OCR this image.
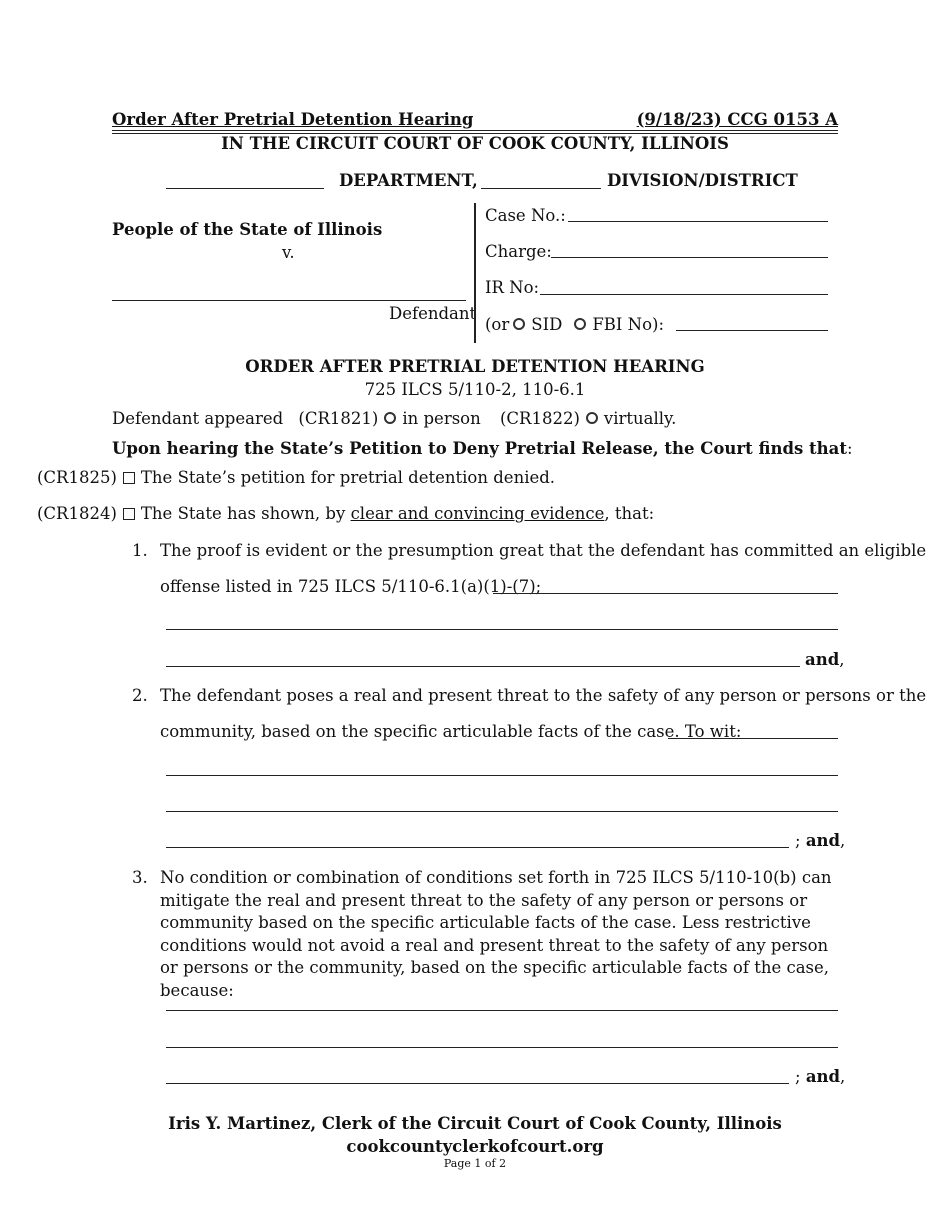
Order After Pretrial Detention Hearing	(9/18/23) CCG 0153 A
IN THE CIRCUIT COURT OF COOK COUNTY, ILLINOIS
DEPARTMENT,	DIVISION/DISTRICT
People of the State of Illinois
v.
Defendant
Case No.:
Charge:
IR No:
(or SID FBI No):
ORDER AFTER PRETRIAL DETENTION HEARING
725 ILCS 5/110-2, 110-6.1
Defendant appeared (CR1821) in person (CR1822) virtually.
Upon hearing the State’s Petition to Deny Pretrial Release, the Court finds that:
(CR1825) The State’s petition for pretrial detention denied.
(CR1824) The State has shown, by clear and convincing evidence, that:
1. The proof is evident or the presumption great that the defendant has committed an eligible
offense listed in 725 ILCS 5/110-6.1(a)(1)-(7);
and,
2. The defendant poses a real and present threat to the safety of any person or persons or the
community, based on the specific articulable facts of the case. To wit:
; and,
3. No condition or combination of conditions set forth in 725 ILCS 5/110-10(b) can mitigate the real and present threat to the safety of any person or persons or community based on the specific articulable facts of the case. Less restrictive conditions would not avoid a real and present threat to the safety of any person or persons or the community, based on the specific articulable facts of the case, because:
; and,
Iris Y. Martinez, Clerk of the Circuit Court of Cook County, Illinois
cookcountyclerkofcourt.org
Page 1 of 2
